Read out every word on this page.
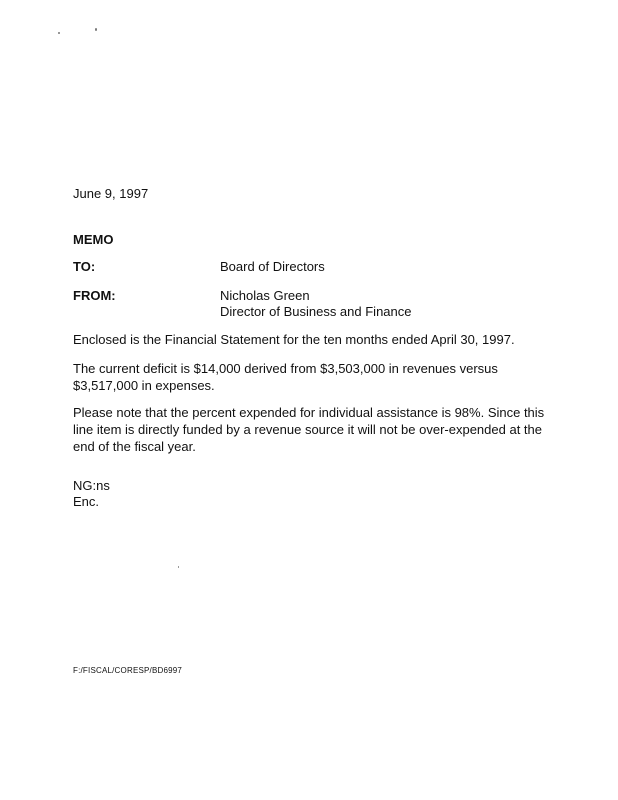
June 9, 1997
MEMO
TO:	Board of Directors
FROM:	Nicholas Green
Director of Business and Finance
Enclosed is the Financial Statement for the ten months ended April 30, 1997.
The current deficit is $14,000 derived from $3,503,000 in revenues versus $3,517,000 in expenses.
Please note that the percent expended for individual assistance is 98%. Since this line item is directly funded by a revenue source it will not be over-expended at the end of the fiscal year.
NG:ns
Enc.
F:/FISCAL/CORESP/BD6997
